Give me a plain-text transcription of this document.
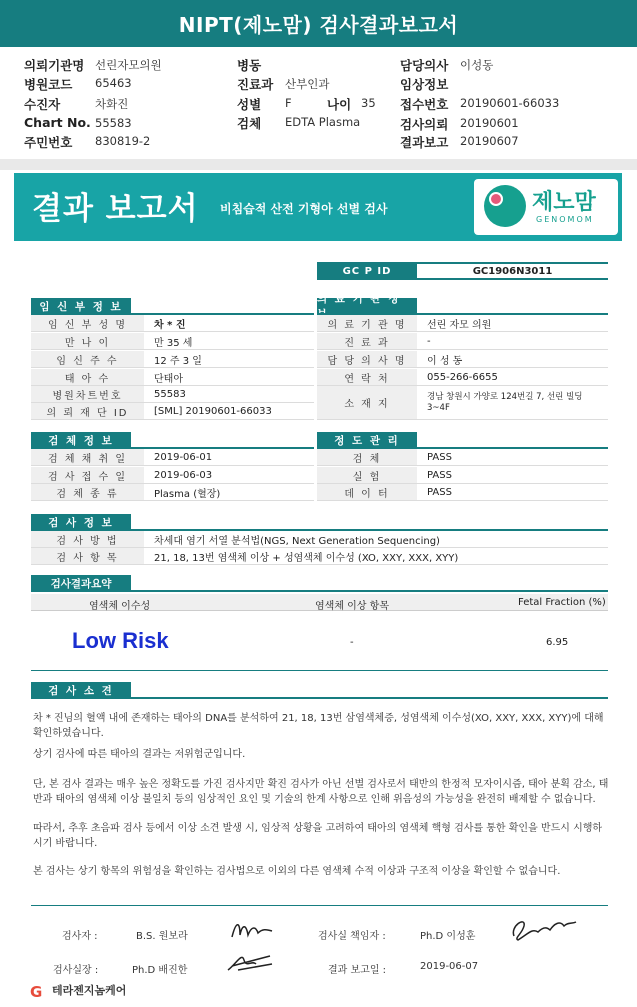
NIPT(제노맘) 검사결과보고서
의뢰기관명 선린자모의원
병원코드 65463
수진자	차화진
Chart No. 55583
주민번호 830819-2
병동
진료과 산부인과
성별 F	나이 35
검체 EDTA Plasma
담당의사 이성동
임상정보
접수번호 20190601-66033
검사의뢰 20190601
결과보고 20190607
결과 보고서 비침습적 산전 기형아 선별 검사	제노맘
GENOMOM
GC P ID	GC1906N3011
임 신 부 정 보
임 신 부 성 명	차 * 진
만 나 이	만 35 세
임 신 주 수	12 주 3 일
태 아 수	단태아
병원차트번호	55583
의 뢰 재 단 ID	[SML] 20190601-66033
의 료 기 관 정
의 료 기 관 명	선린 자모 의원
진 료 과	-
담 당 의 사 명	이 성 동
연 락 처	055-266-6655
소 재 지
경남 창원시 가양로 124번길 7, 선린 빌딩 3~4F
검 체 정 보
검 체 채 취 일	2019-06-01
검 사 접 수 일	2019-06-03
검 체 종 류	Plasma (혈장)
정 도 관 리
검 체	PASS
실 험	PASS
데 이 터	PASS
검 사 정 보
검 사 방 법	차세대 염기 서열 분석법(NGS, Next Generation Sequencing)
검 사 항 목	21, 18, 13번 염색체 이상 + 성염색체 이수성 (XO, XXY, XXX, XYY)
검사결과요약
염색체 이수성	염색체 이상 항목	Fetal Fraction (%)
Low Risk	-	6.95
검 사 소 견
차 * 진님의 혈액 내에 존재하는 태아의 DNA를 분석하여 21, 18, 13번 삼염색체증, 성염색체 이수성(XO, XXY, XXX, XYY)에 대해 확인하였습니다.
상기 검사에 따른 태아의 결과는 저위험군입니다.
단, 본 검사 결과는 매우 높은 정확도를 가진 검사지만 확진 검사가 아닌 선별 검사로서 태반의 한정적 모자이시즘, 태아 분획 감소, 태반과 태아의 염색체 이상 불일치 등의 임상적인 요인 및 기술의 한계 사항으로 인해 위음성의 가능성을 완전히 배제할 수 없습니다.
따라서, 추후 초음파 검사 등에서 이상 소견 발생 시, 임상적 상황을 고려하여 태아의 염색체 핵형 검사를 통한 확인을 반드시 시행하시기 바랍니다.
본 검사는 상기 항목의 위험성을 확인하는 검사법으로 이외의 다른 염색체 수적 이상과 구조적 이상을 확인할 수 없습니다.
검사자 :	B.S. 원보라	검사실 책임자 :	Ph.D 이성훈
검사실장 :	Ph.D 배진한	결과 보고일 :	2019-06-07
G 테라젠지놈케어
